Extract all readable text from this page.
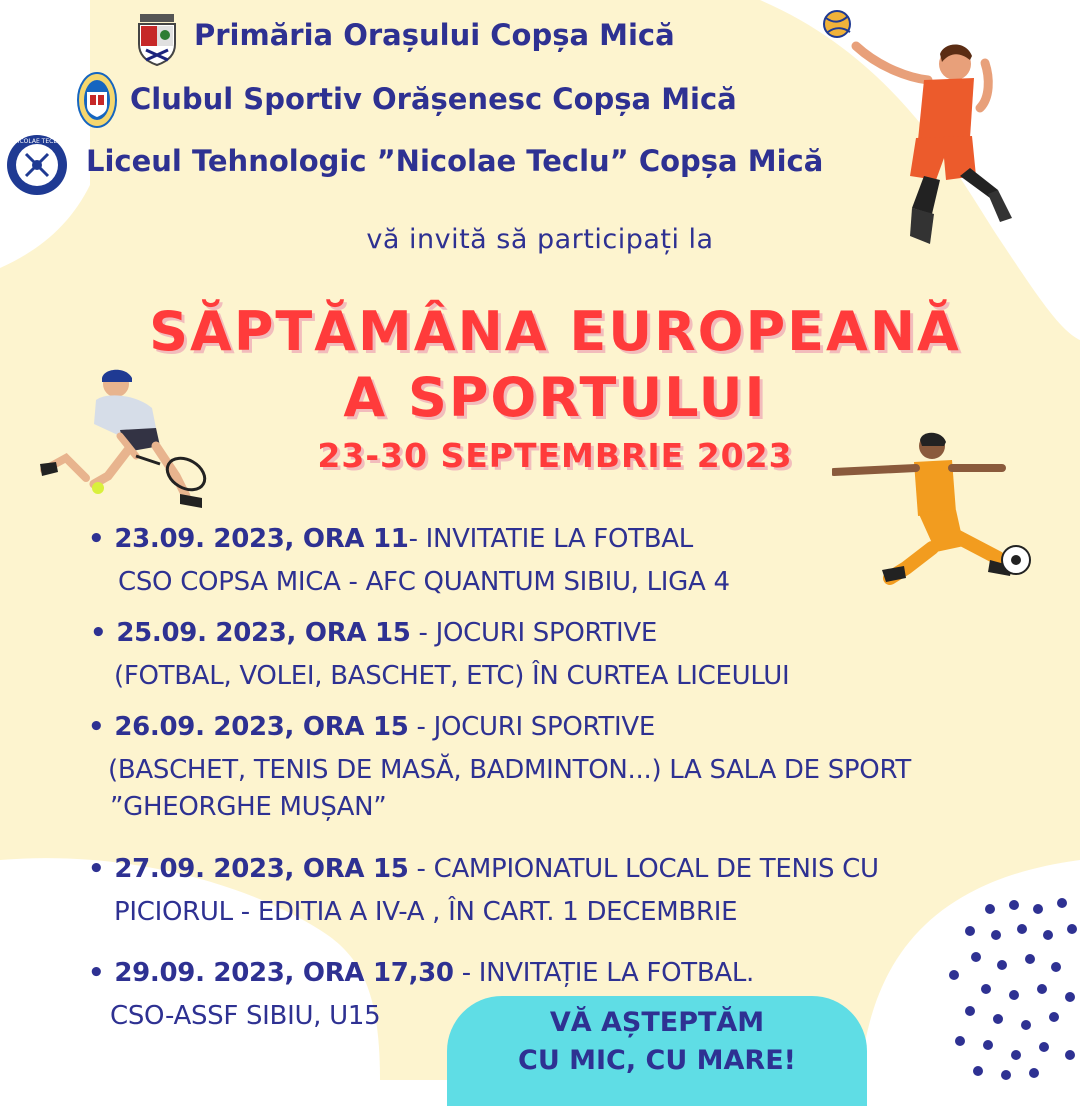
NICOLAE TECLU
Primăria Orașului Copșa Mică
Clubul Sportiv Orășenesc Copșa Mică
Liceul Tehnologic ”Nicolae Teclu” Copșa Mică
vă invită să participați la
SĂPTĂMÂNA EUROPEANĂ
A SPORTULUI
23-30 SEPTEMBRIE 2023
• 23.09. 2023, ORA 11- INVITATIE LA FOTBAL
CSO COPSA MICA - AFC QUANTUM SIBIU, LIGA 4
• 25.09. 2023, ORA 15 - JOCURI SPORTIVE
(FOTBAL, VOLEI, BASCHET, ETC) ÎN CURTEA LICEULUI
• 26.09. 2023, ORA 15 - JOCURI SPORTIVE
(BASCHET, TENIS DE MASĂ, BADMINTON...) LA SALA DE SPORT
”GHEORGHE MUȘAN”
• 27.09. 2023, ORA 15 - CAMPIONATUL LOCAL DE TENIS CU
PICIORUL - EDITIA A IV-A , ÎN CART. 1 DECEMBRIE
• 29.09. 2023, ORA 17,30 - INVITAȚIE LA FOTBAL.
CSO-ASSF SIBIU, U15	VĂ AȘTEPTĂM
CU MIC, CU MARE!
